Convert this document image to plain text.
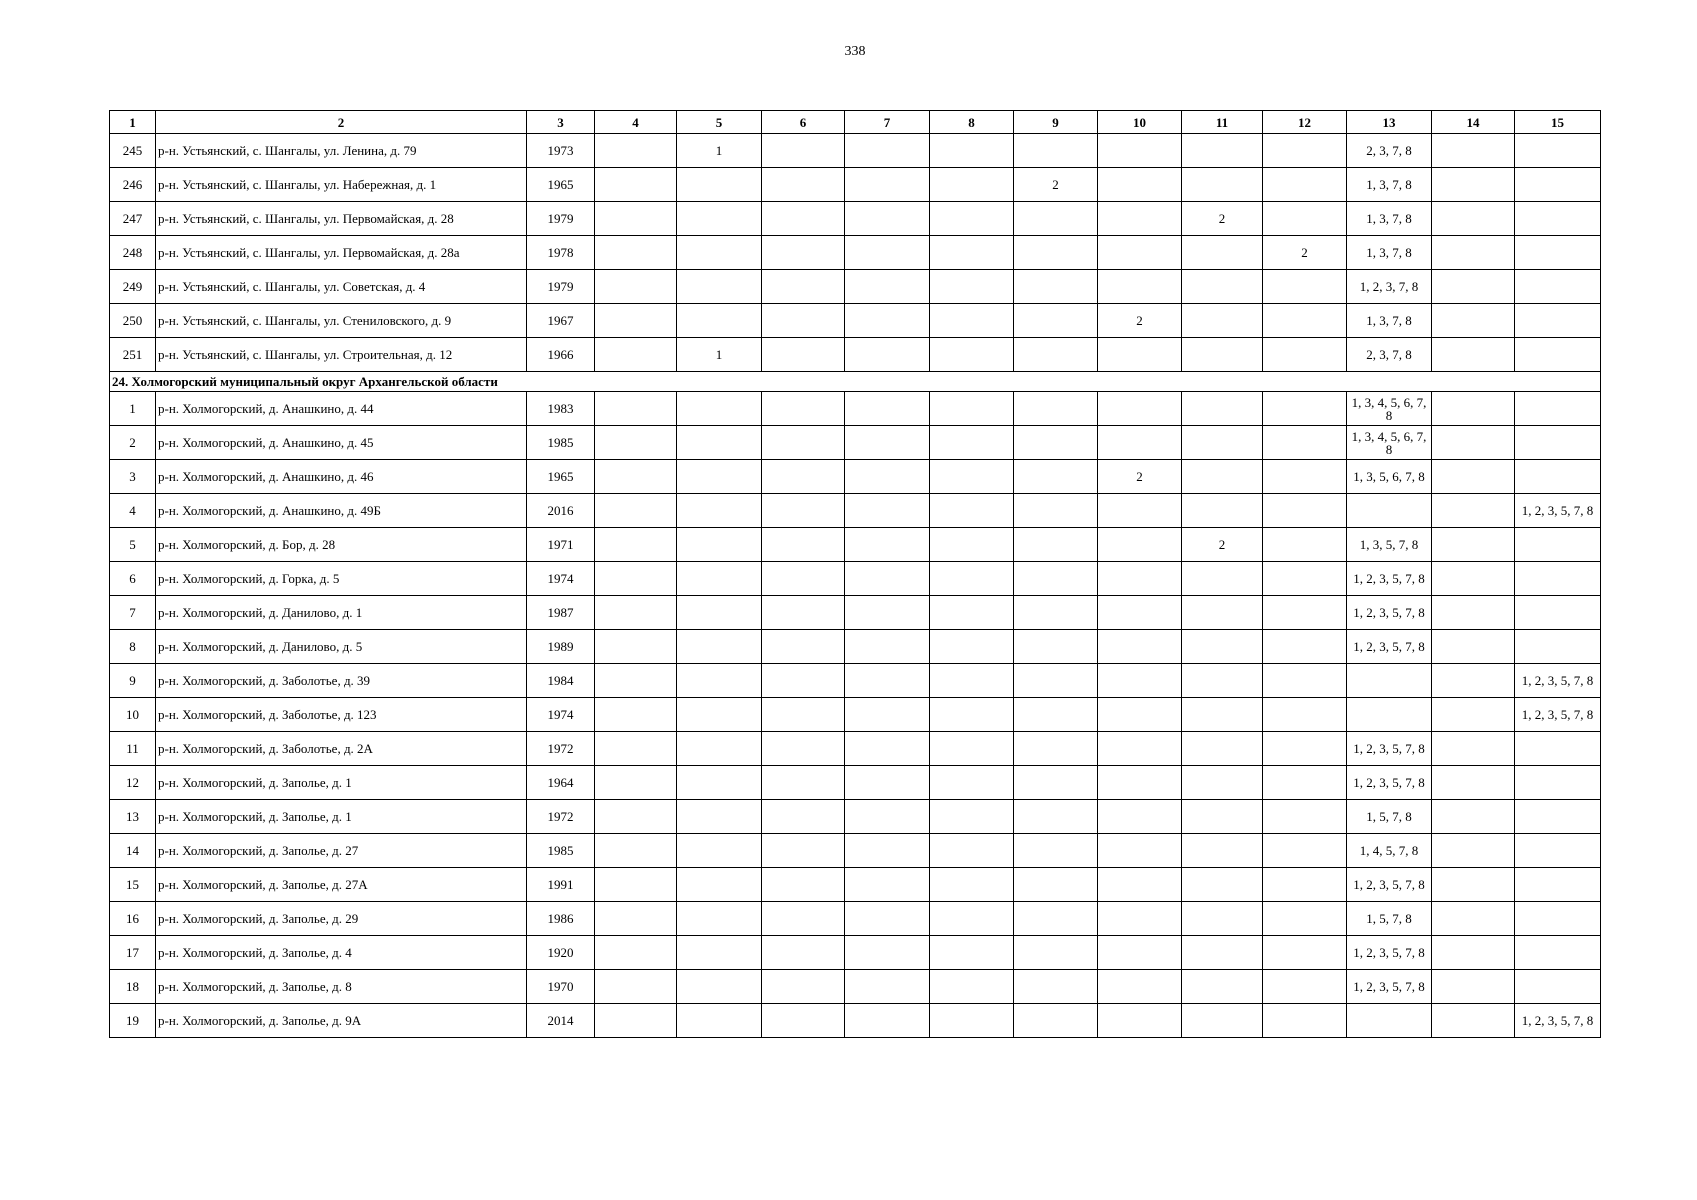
338
1	2	3	4	5	6	7	8	9	10	11	12	13	14	15
245	р-н. Устьянский, с. Шангалы, ул. Ленина, д. 79	1973		1								2, 3, 7, 8		
246	р-н. Устьянский, с. Шангалы, ул. Набережная, д. 1	1965						2				1, 3, 7, 8		
247	р-н. Устьянский, с. Шангалы, ул. Первомайская, д. 28	1979								2		1, 3, 7, 8		
248	р-н. Устьянский, с. Шангалы, ул. Первомайская, д. 28а	1978									2	1, 3, 7, 8		
249	р-н. Устьянский, с. Шангалы, ул. Советская, д. 4	1979										1, 2, 3, 7, 8		
250	р-н. Устьянский, с. Шангалы, ул. Стениловского, д. 9	1967							2			1, 3, 7, 8		
251	р-н. Устьянский, с. Шангалы, ул. Строительная, д. 12	1966		1								2, 3, 7, 8		
24. Холмогорский муниципальный округ Архангельской области														
1	р-н. Холмогорский, д. Анашкино, д. 44	1983										1, 3, 4, 5, 6, 7, 8		
2	р-н. Холмогорский, д. Анашкино, д. 45	1985										1, 3, 4, 5, 6, 7, 8		
3	р-н. Холмогорский, д. Анашкино, д. 46	1965							2			1, 3, 5, 6, 7, 8		
4	р-н. Холмогорский, д. Анашкино, д. 49Б	2016												1, 2, 3, 5, 7, 8
5	р-н. Холмогорский, д. Бор, д. 28	1971								2		1, 3, 5, 7, 8		
6	р-н. Холмогорский, д. Горка, д. 5	1974										1, 2, 3, 5, 7, 8		
7	р-н. Холмогорский, д. Данилово, д. 1	1987										1, 2, 3, 5, 7, 8		
8	р-н. Холмогорский, д. Данилово, д. 5	1989										1, 2, 3, 5, 7, 8		
9	р-н. Холмогорский, д. Заболотье, д. 39	1984												1, 2, 3, 5, 7, 8
10	р-н. Холмогорский, д. Заболотье, д. 123	1974												1, 2, 3, 5, 7, 8
11	р-н. Холмогорский, д. Заболотье, д. 2А	1972										1, 2, 3, 5, 7, 8		
12	р-н. Холмогорский, д. Заполье, д. 1	1964										1, 2, 3, 5, 7, 8		
13	р-н. Холмогорский, д. Заполье, д. 1	1972										1, 5, 7, 8		
14	р-н. Холмогорский, д. Заполье, д. 27	1985										1, 4, 5, 7, 8		
15	р-н. Холмогорский, д. Заполье, д. 27А	1991										1, 2, 3, 5, 7, 8		
16	р-н. Холмогорский, д. Заполье, д. 29	1986										1, 5, 7, 8		
17	р-н. Холмогорский, д. Заполье, д. 4	1920										1, 2, 3, 5, 7, 8		
18	р-н. Холмогорский, д. Заполье, д. 8	1970										1, 2, 3, 5, 7, 8		
19	р-н. Холмогорский, д. Заполье, д. 9А	2014												1, 2, 3, 5, 7, 8
